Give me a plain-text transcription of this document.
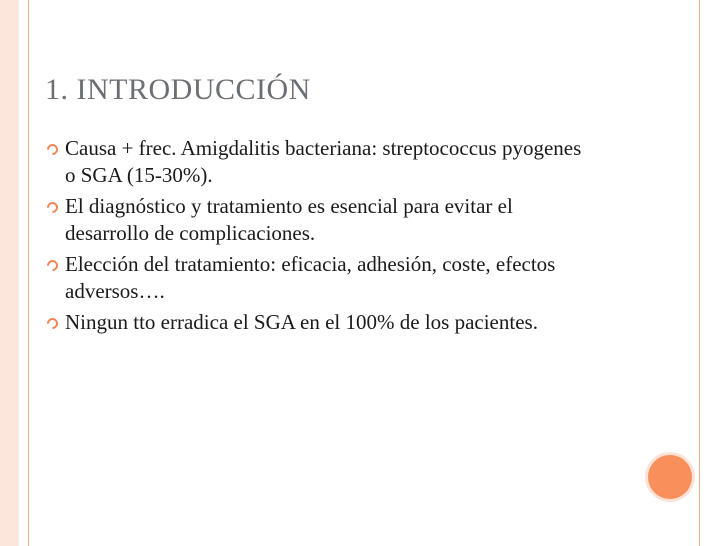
1. INTRODUCCIÓN
Causa + frec. Amigdalitis bacteriana: streptococcus pyogenes o SGA (15-30%).
El diagnóstico y tratamiento es esencial para evitar el desarrollo de complicaciones.
Elección del tratamiento: eficacia, adhesión, coste, efectos adversos….
Ningun tto erradica el SGA en el 100% de los pacientes.
